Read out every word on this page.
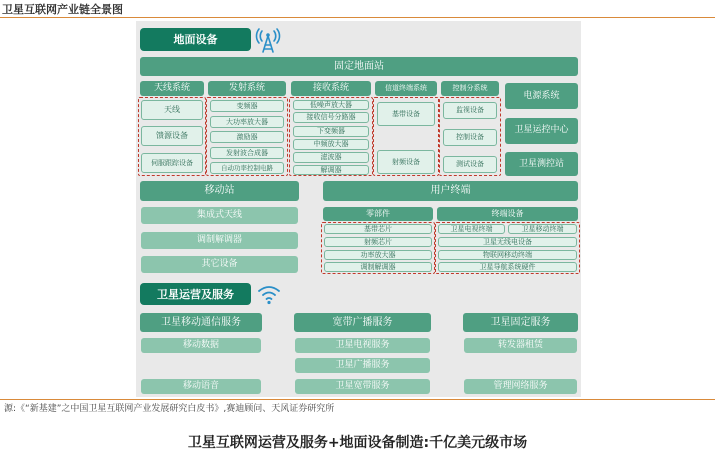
卫星互联网产业链全景图
地面设备
固定地面站
天线系统
天线
馈源设备
伺服跟踪设备
发射系统
变频器
大功率放大器
激励器
发射波合成器
自动功率控制电路
接收系统
低噪声放大器
接收信号分路器
下变频器
中频放大器
滤波器
解调器
信道终端系统
基带设备
射频设备
控制分系统
监视设备
控制设备
测试设备
电源系统
卫星运控中心
卫星测控站
移动站
集成式天线
调制解调器
其它设备
用户终端
零部件	终端设备
基带芯片
射频芯片
功率放大器
调制解调器
卫星电视终端	卫星移动终端
卫星无线电设备
物联网移动终端
卫星导航系统硬件
卫星运营及服务
卫星移动通信服务
移动数据
移动语音
宽带广播服务
卫星电视服务
卫星广播服务
卫星宽带服务
卫星固定服务
转发器租赁
管理网络服务
源:《“新基建”之中国卫星互联网产业发展研究白皮书》,赛迪顾问、天风证券研究所
卫星互联网运营及服务+地面设备制造:千亿美元级市场
